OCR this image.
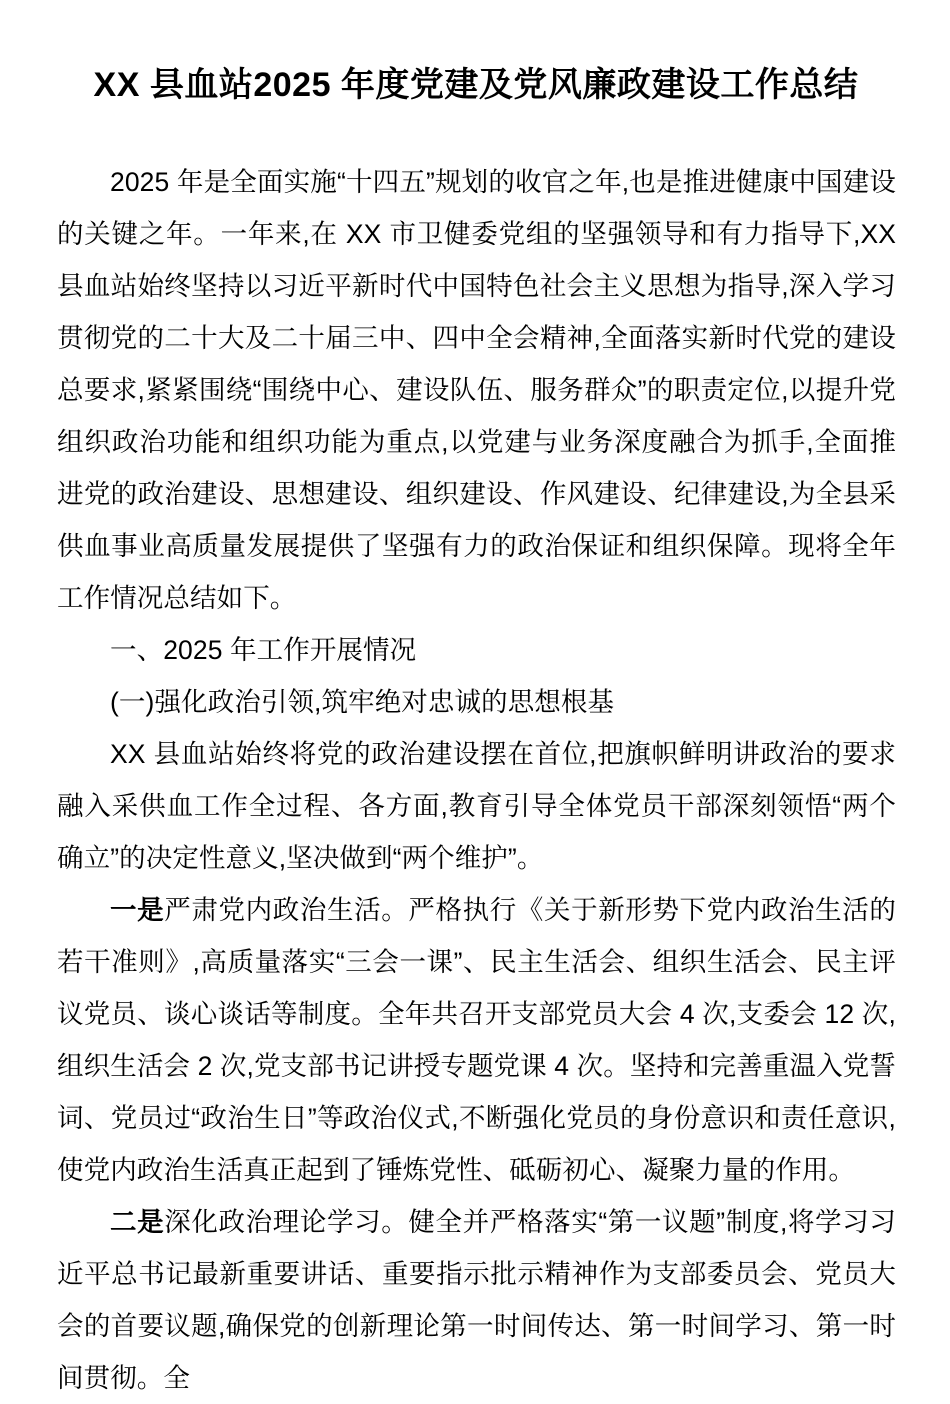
XX 县血站2025 年度党建及党风廉政建设工作总结

2025 年是全面实施“十四五”规划的收官之年,也是推进健康中国建设的关键之年。一年来,在 XX 市卫健委党组的坚强领导和有力指导下,XX 县血站始终坚持以习近平新时代中国特色社会主义思想为指导,深入学习贯彻党的二十大及二十届三中、四中全会精神,全面落实新时代党的建设总要求,紧紧围绕“围绕中心、建设队伍、服务群众”的职责定位,以提升党组织政治功能和组织功能为重点,以党建与业务深度融合为抓手,全面推进党的政治建设、思想建设、组织建设、作风建设、纪律建设,为全县采供血事业高质量发展提供了坚强有力的政治保证和组织保障。现将全年工作情况总结如下。

一、2025 年工作开展情况

(一)强化政治引领,筑牢绝对忠诚的思想根基

XX 县血站始终将党的政治建设摆在首位,把旗帜鲜明讲政治的要求融入采供血工作全过程、各方面,教育引导全体党员干部深刻领悟“两个确立”的决定性意义,坚决做到“两个维护”。

一是严肃党内政治生活。严格执行《关于新形势下党内政治生活的若干准则》,高质量落实“三会一课”、民主生活会、组织生活会、民主评议党员、谈心谈话等制度。全年共召开支部党员大会 4 次,支委会 12 次,组织生活会 2 次,党支部书记讲授专题党课 4 次。坚持和完善重温入党誓词、党员过“政治生日”等政治仪式,不断强化党员的身份意识和责任意识,使党内政治生活真正起到了锤炼党性、砥砺初心、凝聚力量的作用。

二是深化政治理论学习。健全并严格落实“第一议题”制度,将学习习近平总书记最新重要讲话、重要指示批示精神作为支部委员会、党员大会的首要议题,确保党的创新理论第一时间传达、第一时间学习、第一时间贯彻。全
